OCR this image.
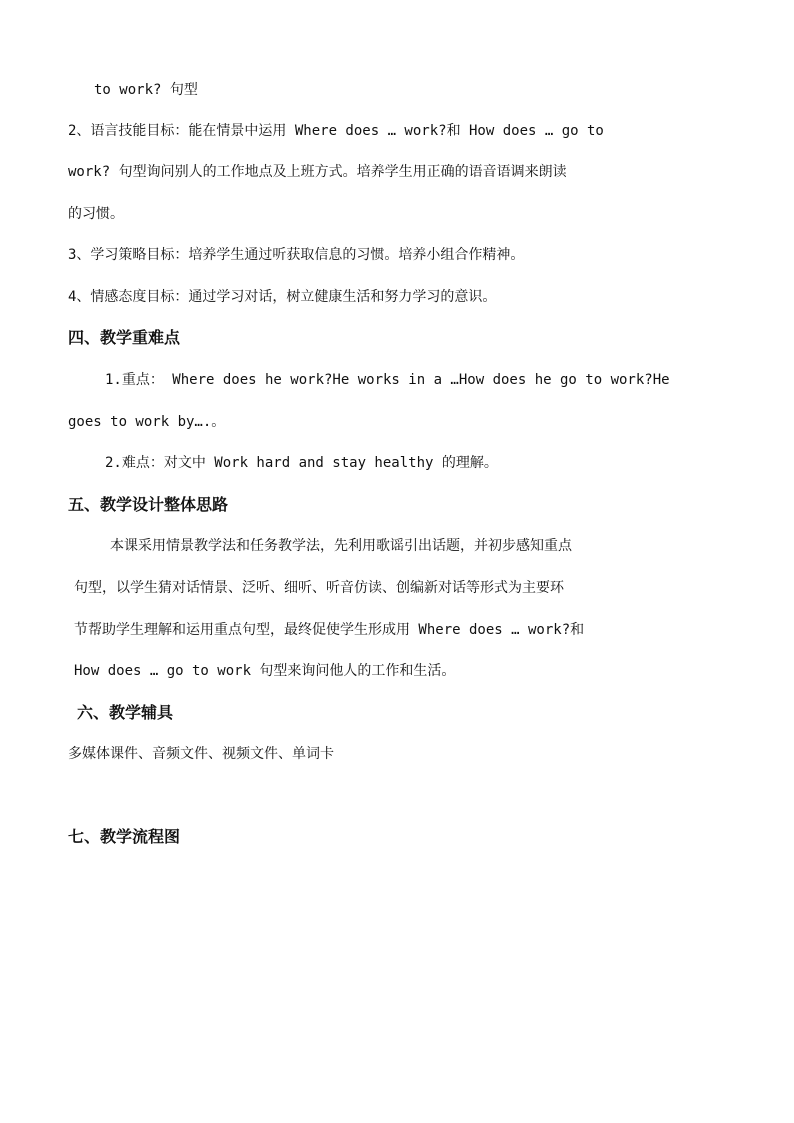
to work? 句型
2、语言技能目标：能在情景中运用 Where does … work?和 How does … go to
work? 句型询问别人的工作地点及上班方式。培养学生用正确的语音语调来朗读
的习惯。
3、学习策略目标：培养学生通过听获取信息的习惯。培养小组合作精神。
4、情感态度目标：通过学习对话，树立健康生活和努力学习的意识。
四、教学重难点
1.重点： Where does he work?He works in a …How does he go to work?He
goes to work by….。
2.难点：对文中 Work hard and stay healthy 的理解。
五、教学设计整体思路
本课采用情景教学法和任务教学法，先利用歌谣引出话题，并初步感知重点
句型，以学生猜对话情景、泛听、细听、听音仿读、创编新对话等形式为主要环
节帮助学生理解和运用重点句型，最终促使学生形成用 Where does … work?和
How does … go to work 句型来询问他人的工作和生活。
六、教学辅具
多媒体课件、音频文件、视频文件、单词卡
七、教学流程图
